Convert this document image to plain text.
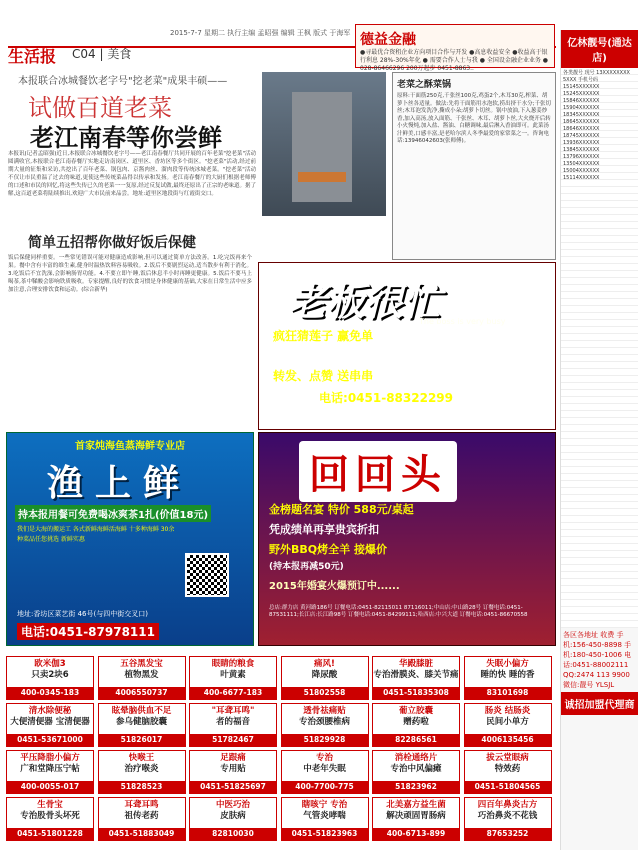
生活报 C04 | 美食
2015-7-7 星期二 执行主编 孟昭强 编辑 王枫 版式 于海军 德益金融
●寻最优合资租企业方向项目合作与开发 ●高息收益安全 ●收益高于银行利息 28%-30%年化 ● 需要合作人士与我 ● 全国设金融企业业务 ● 028-86466296 200万起步 0451-8863..
亿林靓号(通达店)
各类靓号 现号 13XXXXXXXX 5XXX 手机号码 15145XXXXXX 15245XXXXXX 15846XXXXXX 15904XXXXXX 18345XXXXXX 18645XXXXXX 18646XXXXXX 18745XXXXXX 13936XXXXXX 13845XXXXXX 13796XXXXXX 13504XXXXXX 15004XXXXXX 15114XXXXXX
各区各地址 收费 手机:156-450-8898 手机:180-450-1006 电话:0451-88002111 QQ:2474 113 9900 微信:靓号 YLSJL
诚招加盟代理商
本报联合冰城餐饮老字号"挖老菜"成果丰硕——
试做百道老菜
老江南春等你尝鲜
老菜之酥菜锅

原料:干面筋250克,千张丝100克,鸡蛋2个,木耳30克,榨菜、胡萝卜丝各适量。做法:先将干面筋用水泡软,捞出挤干水分;千张切丝;木耳泡发洗净,撕成小朵;胡萝卜切丝。锅中放油,下入葱姜炒香,加入高汤,放入面筋、千张丝、木耳、胡萝卜丝,大火烧开后转小火慢炖,加入盐、酱油、白糖调味,最后淋入香油即可。此菜汤汁鲜美,口感丰富,是老哈尔滨人冬季最爱的家常菜之一。咨询电话:13946042603(张师傅)。

本报讯(记者孟昭强)近日,本报联合冰城餐饮老字号——老江南春餐厅共同开展的百年老菜"挖老菜"活动圆满收官,本报联合老江南春餐厅实地走访南岗区、道里区、香坊区等多个街区。"挖老菜"活动,经过前期大量的征集和采访,共挖出了百年老菜、锅包肉、京酱肉丝、溜肉段等传统冰城老菜。"挖老菜"活动不仅让市民重温了过去的味道,更使这些传统菜品得以传承和发扬。老江南春餐厅的大厨们根据老师傅的口述和市民的回忆,将这些失传已久的老菜一一复原,经过反复试做,最终还原出了正宗的老味道。据了解,这百道老菜将陆续推出,欢迎广大市民前来品尝。地址:道里区地段街与红霞街交口。
简单五招帮你做好饭后保健
饭后保健同样重要。一些常见错误可能对健康造成影响,但可以通过简单方法改善。1.吃完饭再来个果。餐中含有丰富的维生素,健身时温热饮料容易吸收。2.饭后不要剧烈运动,适当散步有利于消化。3.吃饭后不宜洗澡,会影响肠胃功能。4.不要立即午睡,饭后休息半小时再睡更健康。5.饭后不要马上喝茶,茶中鞣酸会影响铁质吸收。专家提醒,良好的饮食习惯是身体健康的基础,大家在日常生活中应多加注意,合理安排饮食和运动。(综合新华)	老板很忙
The boss is very busy
疯狂猜莲子 赢免单
本店特推:红烧牛肉、油炸鸡排、小龙虾、烤串、铁板鱿鱼等精品美味;另有:各类啤酒、饮料、白酒、果汁等,欢迎您的光临!店内可容纳100余人同时就餐。
转发、点赞 送串串
电话:0451-88322299
地址:哈尔滨市南岗区学府路副1-15号(福顺商都)
首家炖海鱼蒸海鲜专业店
渔上鲜
持本报用餐可免费喝冰爽茶1扎(价值18元)
我们是大海的搬运工 各式新鲜海鲜活海鲜 十多种海鲜 30余种菜品任您挑选 新鲜实惠
地址:香坊区菜艺街 46号(与四中街交叉口)
电话:0451-87978111
回回头
金榜题名宴 特价 588元/桌起
凭成绩单再享贵宾折扣
野外BBQ烤全羊 接爆价
(持本报再减50元)
2015年婚宴火爆预订中......
总店:群力店 黄河路186号 订餐电话:0451-82115011 87116011;中山店:中山路28号 订餐电话:0451-87531111;长江店:长江路98号 订餐电话:0451-84299111;哈西店:中兴大道 订餐电话:0451-86670558
欧米伽3
只卖2块6
400-0345-183
五谷黑发宝
植物黑发
4006550737
眼睛的粮食
叶黄素
400-6677-183
痛风!
降尿酸
51802558
华殿膝脏
专治滑膜炎、膝关节痛
0451-51835308
失眠小偏方
睡的快 睡的香
83101698
清水除便秘
大便清便器 宝清便器
0451-53671000
眩晕脑供血不足
参乌健脑胶囊
51826017
"耳聋耳鸣"
者的福音
51782467
透骨祛痛贴
专治颈腰椎病
51829928
葡立胶囊
赠药啦
82286561
肠炎 结肠炎
民间小单方
4006135456
平压降脂小偏方
广和堂降压宁帖
400-0055-017
快喉王
治疗喉炎
51828523
足跟痛
专用贴
0451-51825697
专治
中老年失眠
400-7700-775
消栓通络片
专治中风偏瘫
51823962
拔云堂眼病
特效药
0451-51804565
生骨宝
专治股骨头坏死
0451-51801228
耳聋耳鸣
祖传老药
0451-51883049
中医巧治
皮肤病
82810030
瞎咳宁 专治
气管炎哮喘
0451-51823963
北美嘉方益生菌
解决顽固胃肠病
400-6713-899
四百年鼻炎古方
巧治鼻炎不花钱
87653252
